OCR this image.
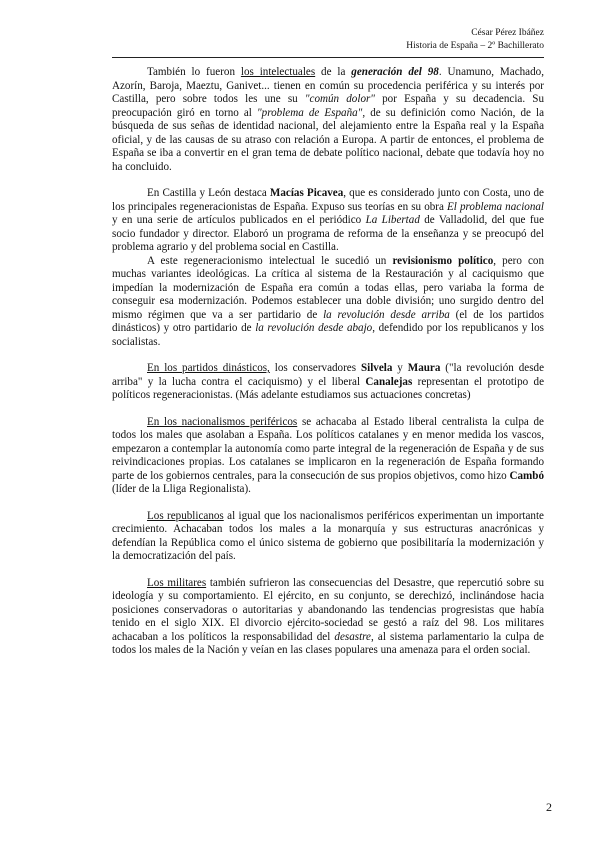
César Pérez Ibáñez
Historia de España – 2º Bachillerato

También lo fueron los intelectuales de la generación del 98. Unamuno, Machado, Azorín, Baroja, Maeztu, Ganivet... tienen en común su procedencia periférica y su interés por Castilla, pero sobre todos les une su "común dolor" por España y su decadencia. Su preocupación giró en torno al "problema de España", de su definición como Nación, de la búsqueda de sus señas de identidad nacional, del alejamiento entre la España real y la España oficial, y de las causas de su atraso con relación a Europa. A partir de entonces, el problema de España se iba a convertir en el gran tema de debate político nacional, debate que todavía hoy no ha concluido.

En Castilla y León destaca Macías Picavea, que es considerado junto con Costa, uno de los principales regeneracionistas de España. Expuso sus teorías en su obra El problema nacional y en una serie de artículos publicados en el periódico La Libertad de Valladolid, del que fue socio fundador y director. Elaboró un programa de reforma de la enseñanza y se preocupó del problema agrario y del problema social en Castilla.

A este regeneracionismo intelectual le sucedió un revisionismo político, pero con muchas variantes ideológicas. La crítica al sistema de la Restauración y al caciquismo que impedían la modernización de España era común a todas ellas, pero variaba la forma de conseguir esa modernización. Podemos establecer una doble división; uno surgido dentro del mismo régimen que va a ser partidario de la revolución desde arriba (el de los partidos dinásticos) y otro partidario de la revolución desde abajo, defendido por los republicanos y los socialistas.

En los partidos dinásticos, los conservadores Silvela y Maura ("la revolución desde arriba" y la lucha contra el caciquismo) y el liberal Canalejas representan el prototipo de políticos regeneracionistas. (Más adelante estudiamos sus actuaciones concretas)

En los nacionalismos periféricos se achacaba al Estado liberal centralista la culpa de todos los males que asolaban a España. Los políticos catalanes y en menor medida los vascos, empezaron a contemplar la autonomía como parte integral de la regeneración de España y de sus reivindicaciones propias. Los catalanes se implicaron en la regeneración de España formando parte de los gobiernos centrales, para la consecución de sus propios objetivos, como hizo Cambó (líder de la Lliga Regionalista).

Los republicanos al igual que los nacionalismos periféricos experimentan un importante crecimiento. Achacaban todos los males a la monarquía y sus estructuras anacrónicas y defendían la República como el único sistema de gobierno que posibilitaría la modernización y la democratización del país.

Los militares también sufrieron las consecuencias del Desastre, que repercutió sobre su ideología y su comportamiento. El ejército, en su conjunto, se derechizó, inclinándose hacia posiciones conservadoras o autoritarias y abandonando las tendencias progresistas que había tenido en el siglo XIX. El divorcio ejército-sociedad se gestó a raíz del 98. Los militares achacaban a los políticos la responsabilidad del desastre, al sistema parlamentario la culpa de todos los males de la Nación y veían en las clases populares una amenaza para el orden social.

2
